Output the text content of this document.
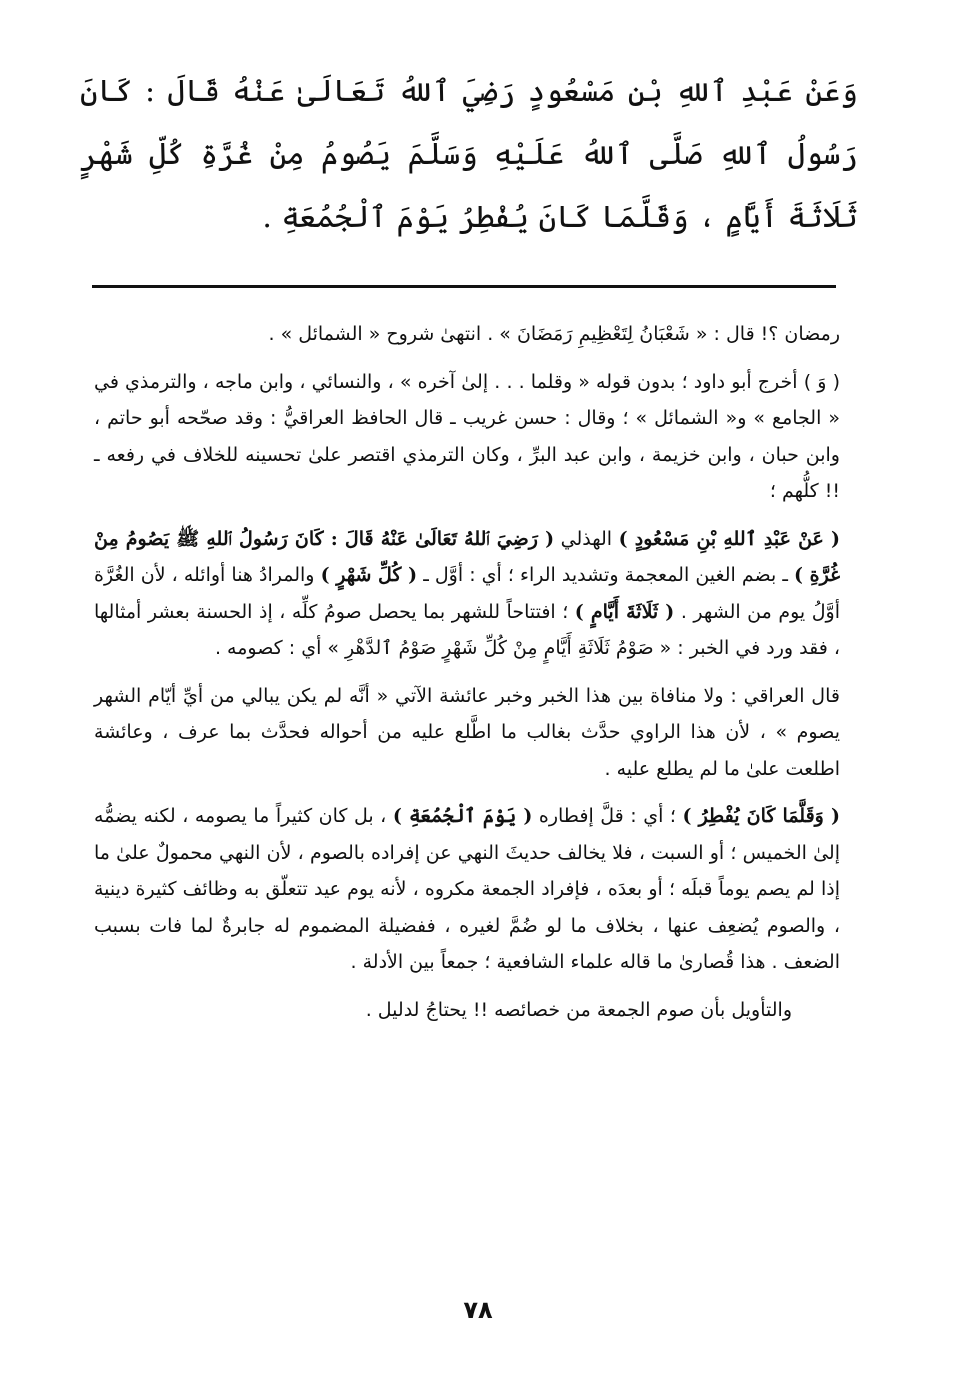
وَعَنْ عَبْدِ ٱللهِ بْنِ مَسْعُودٍ رَضِيَ ٱللهُ تَعَالَىٰ عَنْهُ قَالَ : كَانَ رَسُولُ ٱللهِ صَلَّى ٱللهُ عَلَيْهِ وَسَلَّمَ يَصُومُ مِنْ غُرَّةِ كُلِّ شَهْرٍ ثَلَاثَةَ أَيَّامٍ ، وَقَلَّمَا كَانَ يُفْطِرُ يَوْمَ ٱلْجُمُعَةِ .

رمضان ؟! قال : « شَعْبَانُ لِتَعْظِيمِ رَمَضَانَ » . انتهىٰ شروح « الشمائل » .

( وَ ) أخرج أبو داود ؛ بدون قوله « وقلما . . . إلىٰ آخره » ، والنسائي ، وابن ماجه ، والترمذي في « الجامع » و« الشمائل » ؛ وقال : حسن غريب ـ قال الحافظ العراقيُّ : وقد صحّحه أبو حاتم ، وابن حبان ، وابن خزيمة ، وابن عبد البرِّ ، وكان الترمذي اقتصر علىٰ تحسينه للخلاف في رفعه ـ !! كلُّهم ؛

( عَنْ عَبْدِ ٱللهِ بْنِ مَسْعُودٍ ) الهذلي ( رَضِيَ ٱللهُ تَعَالَىٰ عَنْهُ قَالَ : كَانَ رَسُولُ ٱللهِ ﷺ يَصُومُ مِنْ غُرَّةِ ) ـ بضم الغين المعجمة وتشديد الراء ؛ أي : أوَّل ـ ( كُلِّ شَهْرٍ ) والمرادُ هنا أوائله ، لأن الغُرَّة أوَّلُ يوم من الشهر . ( ثَلَاثَةَ أَيَّامٍ ) ؛ افتتاحاً للشهر بما يحصل صومُ كلِّه ، إذ الحسنة بعشر أمثالها ، فقد ورد في الخبر : « صَوْمُ ثَلَاثَةِ أَيَّامٍ مِنْ كُلِّ شَهْرٍ صَوْمُ ٱلدَّهْرِ » أي : كصومه .

قال العراقي : ولا منافاة بين هذا الخبر وخبر عائشة الآتي « أنَّه لم يكن يبالي من أيِّ أيّام الشهر يصوم » ، لأن هذا الراوي حدَّث بغالب ما اطَّلع عليه من أحواله فحدَّث بما عرف ، وعائشة اطلعت علىٰ ما لم يطلع عليه .

( وَقَلَّمَا كَانَ يُفْطِرُ ) ؛ أي : قلَّ إفطاره ( يَوْمَ ٱلْجُمُعَةِ ) ، بل كان كثيراً ما يصومه ، لكنه يضمُّه إلىٰ الخميس ؛ أو السبت ، فلا يخالف حديثَ النهي عن إفراده بالصوم ، لأن النهي محمولٌ علىٰ ما إذا لم يصم يوماً قبلَه ؛ أو بعدَه ، فإفراد الجمعة مكروه ، لأنه يوم عيد تتعلّق به وظائف كثيرة دينية ، والصوم يُضعِف عنها ، بخلاف ما لو ضُمَّ لغيره ، ففضيلة المضموم له جابرةٌ لما فات بسبب الضعف . هذا قُصارىٰ ما قاله علماء الشافعية ؛ جمعاً بين الأدلة .

والتأويل بأن صوم الجمعة من خصائصه !! يحتاجُ لدليل .

٧٨
